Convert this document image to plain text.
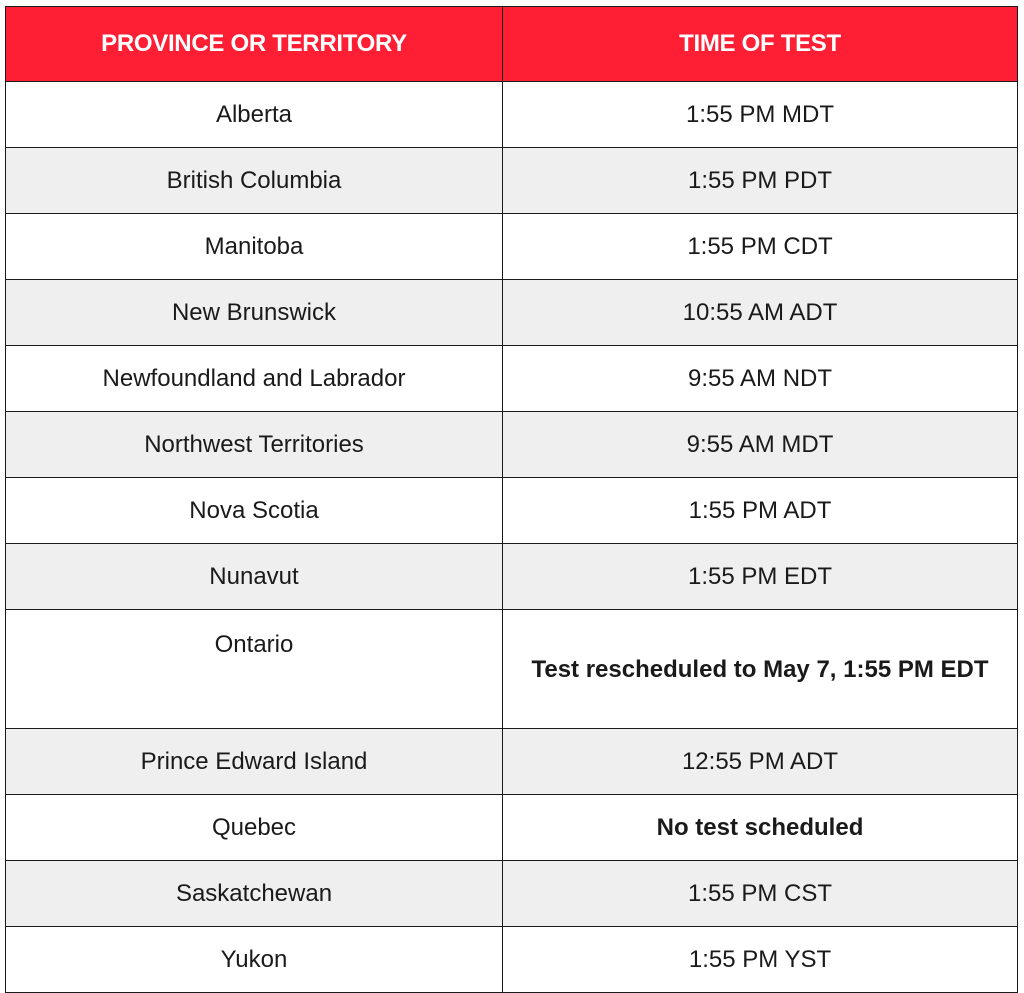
PROVINCE OR TERRITORY	TIME OF TEST
Alberta	1:55 PM MDT
British Columbia	1:55 PM PDT
Manitoba	1:55 PM CDT
New Brunswick	10:55 AM ADT
Newfoundland and Labrador	9:55 AM NDT
Northwest Territories	9:55 AM MDT
Nova Scotia	1:55 PM ADT
Nunavut	1:55 PM EDT
Ontario	Test rescheduled to May 7, 1:55 PM EDT
Prince Edward Island	12:55 PM ADT
Quebec	No test scheduled
Saskatchewan	1:55 PM CST
Yukon	1:55 PM YST
